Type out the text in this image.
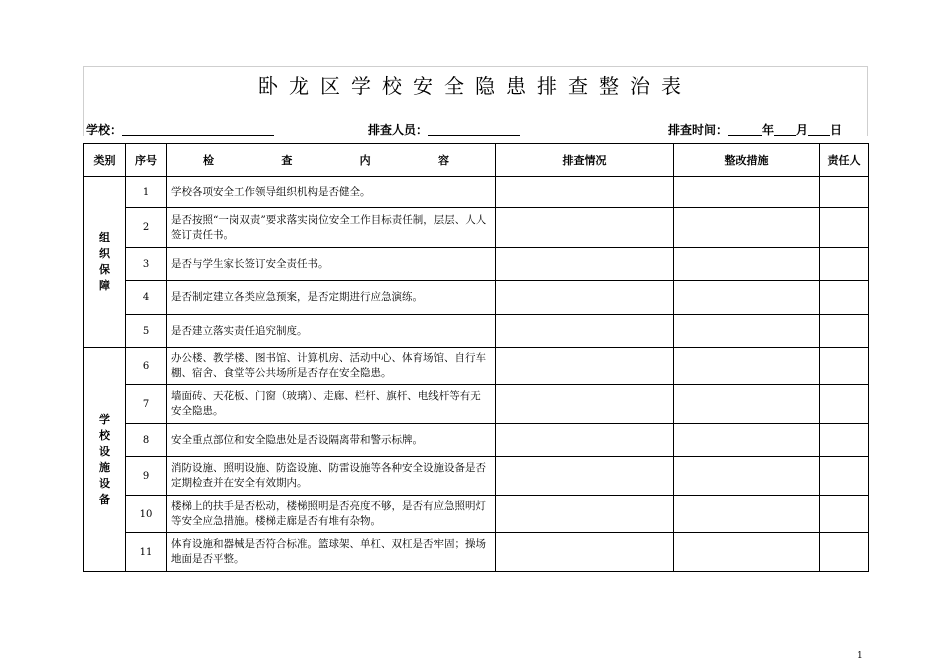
卧龙区学校安全隐患排查整治表
学校：	排查人员：	排查时间：	年 月 日
类别	序号	检 查 内 容	排查情况	整改措施	责任人

组织保障	1	学校各项安全工作领导组织机构是否健全。			
	2	是否按照“一岗双责”要求落实岗位安全工作目标责任制，层层、人人签订责任书。			
	3	是否与学生家长签订安全责任书。			
	4	是否制定建立各类应急预案，是否定期进行应急演练。			
	5	是否建立落实责任追究制度。			

学校设施设备	6	办公楼、教学楼、图书馆、计算机房、活动中心、体育场馆、自行车棚、宿舍、食堂等公共场所是否存在安全隐患。			
	7	墙面砖、天花板、门窗（玻璃）、走廊、栏杆、旗杆、电线杆等有无安全隐患。			
	8	安全重点部位和安全隐患处是否设隔离带和警示标牌。			
	9	消防设施、照明设施、防盗设施、防雷设施等各种安全设施设备是否定期检查并在安全有效期内。			
	10	楼梯上的扶手是否松动，楼梯照明是否亮度不够，是否有应急照明灯等安全应急措施。楼梯走廊是否有堆有杂物。			
	11	体育设施和器械是否符合标准。篮球架、单杠、双杠是否牢固；操场地面是否平整。			
1
